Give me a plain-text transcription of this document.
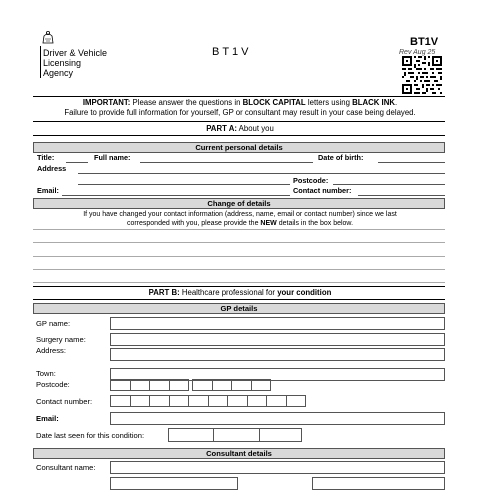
Driver & Vehicle
Licensing
Agency
BT1V
BT1V
Rev Aug 25
IMPORTANT: Please answer the questions in BLOCK CAPITAL letters using BLACK INK.
Failure to provide full information for yourself, GP or consultant may result in your case being delayed.
PART A: About you
Current personal details
Title:	Full name:	Date of birth:
Address
Postcode:
Email:	Contact number:
Change of details
If you have changed your contact information (address, name, email or contact number) since we last
corresponded with you, please provide the NEW details in the box below.
PART B: Healthcare professional for your condition
GP details
GP name:
Surgery name:
Address:
Town:
Postcode:
Contact number:
Email:
Date last seen for this condition:
Consultant details
Consultant name:
